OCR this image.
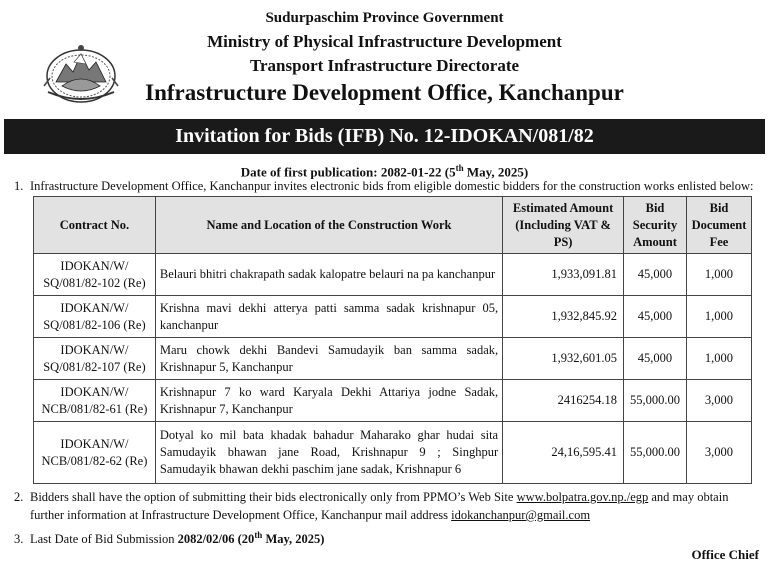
Sudurpaschim Province Government
Ministry of Physical Infrastructure Development
Transport Infrastructure Directorate
Infrastructure Development Office, Kanchanpur
Invitation for Bids (IFB) No. 12-IDOKAN/081/82
Date of first publication: 2082-01-22 (5th May, 2025)
1. Infrastructure Development Office, Kanchanpur invites electronic bids from eligible domestic bidders for the construction works enlisted below:
Contract No.	Name and Location of the Construction Work	Estimated Amount (Including VAT & PS)	Bid Security Amount	Bid Document Fee
IDOKAN/W/
SQ/081/82-102 (Re)	Belauri bhitri chakrapath sadak kalopatre belauri na pa kanchanpur	1,933,091.81	45,000	1,000
IDOKAN/W/
SQ/081/82-106 (Re)	Krishna mavi dekhi atterya patti samma sadak krishnapur 05, kanchanpur	1,932,845.92	45,000	1,000
IDOKAN/W/
SQ/081/82-107 (Re)	Maru chowk dekhi Bandevi Samudayik ban samma sadak, Krishnapur 5, Kanchanpur	1,932,601.05	45,000	1,000
IDOKAN/W/
NCB/081/82-61 (Re)	Krishnapur 7 ko ward Karyala Dekhi Attariya jodne Sadak, Krishnapur 7, Kanchanpur	2416254.18	55,000.00	3,000
IDOKAN/W/
NCB/081/82-62 (Re)	Dotyal ko mil bata khadak bahadur Maharako ghar hudai sita Samudayik bhawan jane Road, Krishnapur 9 ; Singhpur Samudayik bhawan dekhi paschim jane sadak, Krishnapur 6	24,16,595.41	55,000.00	3,000
2. Bidders shall have the option of submitting their bids electronically only from PPMO’s Web Site www.bolpatra.gov.np./egp and may obtain
further information at Infrastructure Development Office, Kanchanpur mail address idokanchanpur@gmail.com
3. Last Date of Bid Submission 2082/02/06 (20th May, 2025)
Office Chief
